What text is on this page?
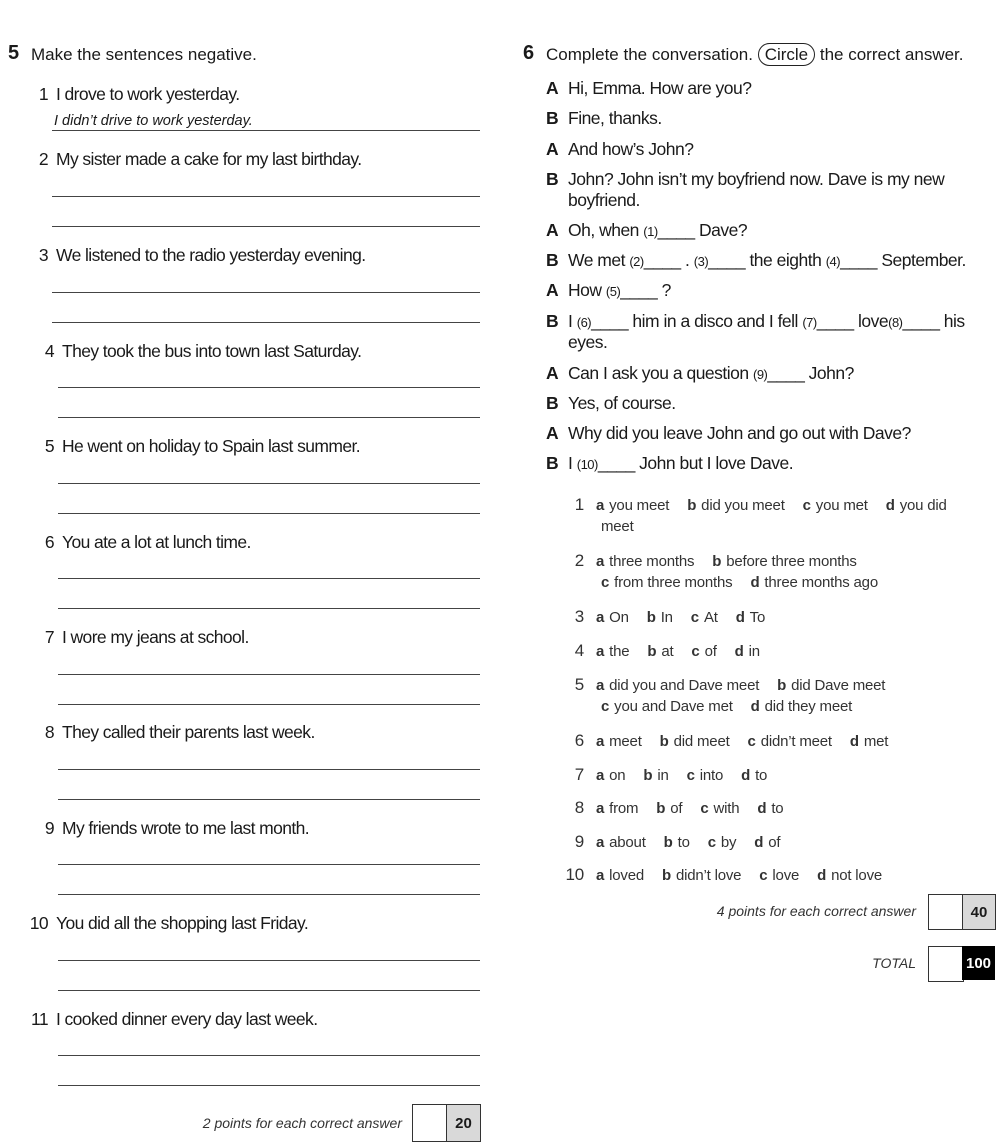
5 Make the sentences negative.
1 I drove to work yesterday.
I didn’t drive to work yesterday.
2 My sister made a cake for my last birthday.
3 We listened to the radio yesterday evening.
4 They took the bus into town last Saturday.
5 He went on holiday to Spain last summer.
6 You ate a lot at lunch time.
7 I wore my jeans at school.
8 They called their parents last week.
9 My friends wrote to me last month.
10 You did all the shopping last Friday.
11 I cooked dinner every day last week.
2 points for each correct answer	20
6 Complete the conversation. Circle the correct answer.
A Hi, Emma. How are you?
B Fine, thanks.
A And how’s John?
B John? John isn’t my boyfriend now. Dave is my new
boyfriend.
A Oh, when (1)____ Dave?
B We met (2)____ . (3)____ the eighth (4)____ September.
A How (5)____ ?
B I (6)____ him in a disco and I fell (7)____ love(8)____ his
eyes.
A Can I ask you a question (9)____ John?
B Yes, of course.
A Why did you leave John and go out with Dave?
B I (10)____ John but I love Dave.
1 a you meet b did you meet c you met d you did
meet
2 a three months b before three months
c from three months d three months ago
3 a On b In c At d To
4 a the b at c of d in
5 a did you and Dave meet b did Dave meet
c you and Dave met d did they meet
6 a meet b did meet c didn’t meet d met
7 a on b in c into d to
8 a from b of c with d to
9 a about b to c by d of
10 a loved b didn’t love c love d not love
4 points for each correct answer	40
TOTAL	100
